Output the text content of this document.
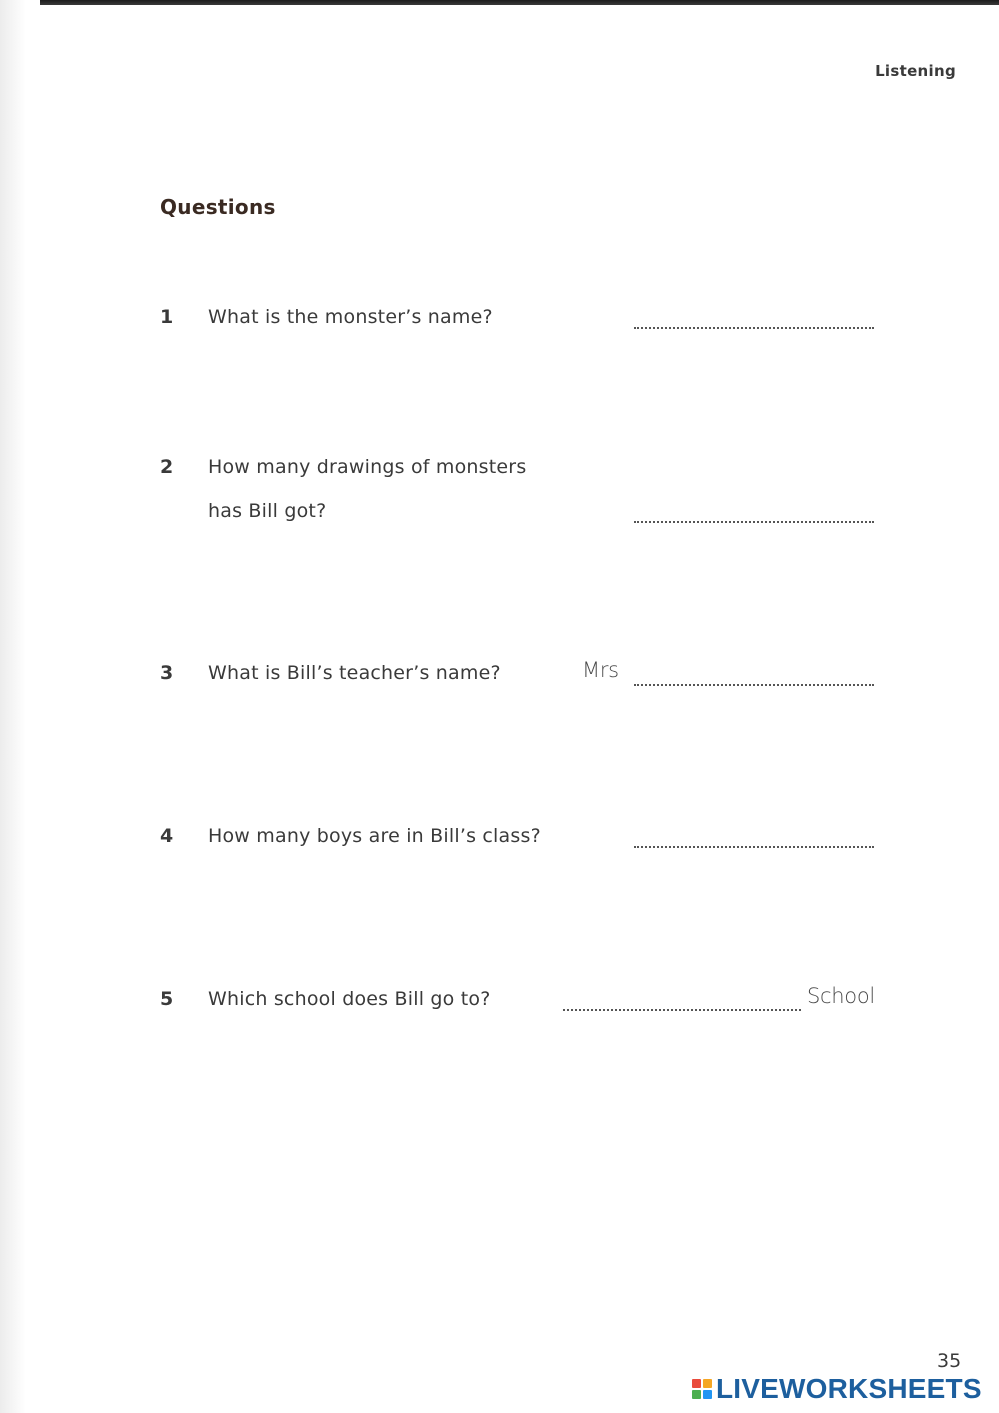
Listening
Questions
1 What is the monster’s name?
2 How many drawings of monsters
has Bill got?
3 What is Bill’s teacher’s name?	Mrs
4 How many boys are in Bill’s class?
5 Which school does Bill go to?	School
35
LIVEWORKSHEETS
